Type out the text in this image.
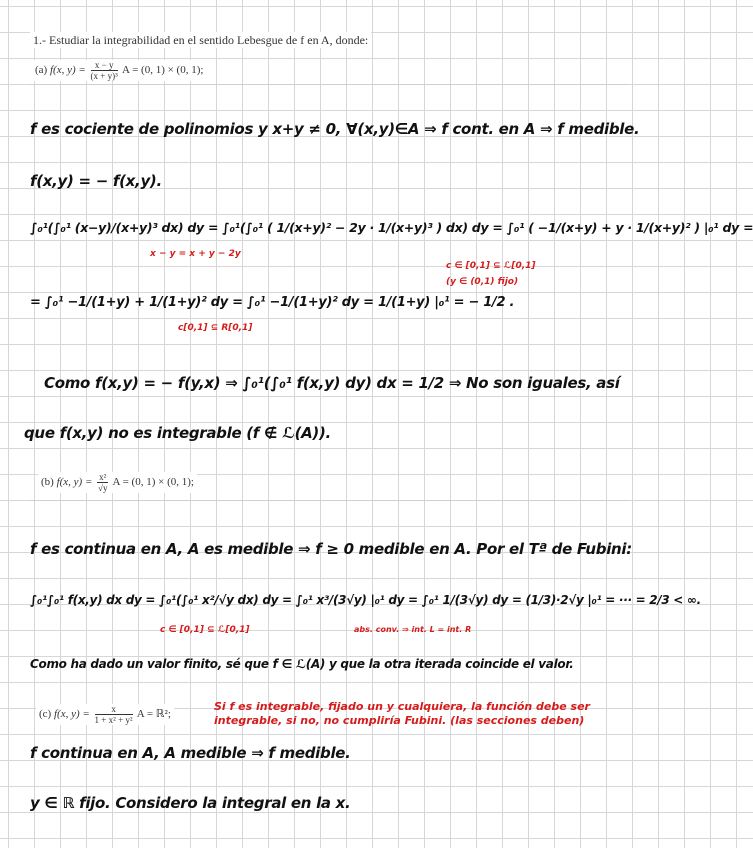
1.- Estudiar la integrabilidad en el sentido Lebesgue de f en A, donde:
(a) f(x, $y) = \frac{x - y}{\text{(x + y)³}}$ A = (0, 1) × (0, 1);
f es cociente de polinomios y x+y ≠ 0, ∀(x,y)∈A ⇒ f cont. en A ⇒ f medible.
f(x,y) = − f(x,y).
∫₀¹(∫₀¹ (x−y)/(x+y)³ dx) dy = ∫₀¹(∫₀¹ ( 1/(x+y)² − 2y · 1/(x+y)³ ) dx) dy = ∫₀¹ ( −1/(x+y) + y · 1/(x+y)² ) |₀¹ dy =
x − y = x + y − 2y
c ∈ [0,1] ⊆ ℒ[0,1]
(y ∈ (0,1) fijo)
= ∫₀¹ −1/(1+y) + 1/(1+y)² dy = ∫₀¹ −1/(1+y)² dy = 1/(1+y) |₀¹ = − 1/2 .
c[0,1] ⊆ R[0,1]
Como f(x,y) = − f(y,x) ⇒ ∫₀¹(∫₀¹ f(x,y) dy) dx = 1/2 ⇒ No son iguales, así
que f(x,y) no es integrable (f ∉ ℒ(A)).
(b) f(x, $y) = \frac{\text{x²}}{√y}$ A = (0, 1) × (0, 1);
f es continua en A, A es medible ⇒ f ≥ 0 medible en A. Por el Tª de Fubini:
∫₀¹∫₀¹ f(x,y) dx dy = ∫₀¹(∫₀¹ x²/√y dx) dy = ∫₀¹ x³/(3√y) |₀¹ dy = ∫₀¹ 1/(3√y) dy = (1/3)·2√y |₀¹ = ··· = 2/3 < ∞.
c ∈ [0,1] ⊆ ℒ[0,1]	abs. conv. ⇒ int. L = int. R
Como ha dado un valor finito, sé que f ∈ ℒ(A) y que la otra iterada coincide el valor.
(c) f(x, $y) = \frac{x}{\text{1 + x² + y²}}$ A = ℝ²;
Si f es integrable, fijado un y cualquiera, la función debe ser integrable, si no, no cumpliría Fubini. (las secciones deben)
f continua en A, A medible ⇒ f medible.
y ∈ ℝ fijo. Considero la integral en la x.
